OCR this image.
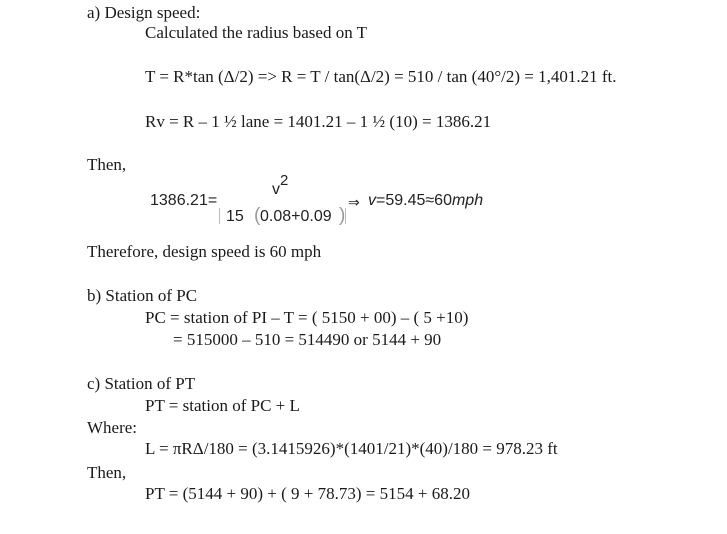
a) Design speed:
Calculated the radius based on T
T = R*tan (Δ/2) => R = T / tan(Δ/2) = 510 / tan (40°/2) = 1,401.21 ft.
Rv = R – 1 ½ lane = 1401.21 – 1 ½ (10) = 1386.21
Then,
1386.21=
$v^2$
15 ( 0.08+0.09 )
⇒ v=59.45≈60mph
Therefore, design speed is 60 mph
b) Station of PC
PC = station of PI – T = ( 5150 + 00) – ( 5 +10)
= 515000 – 510 = 514490 or 5144 + 90
c) Station of PT
PT = station of PC + L
Where:
L = πRΔ/180 = (3.1415926)*(1401/21)*(40)/180 = 978.23 ft
Then,
PT = (5144 + 90) + ( 9 + 78.73) = 5154 + 68.20
